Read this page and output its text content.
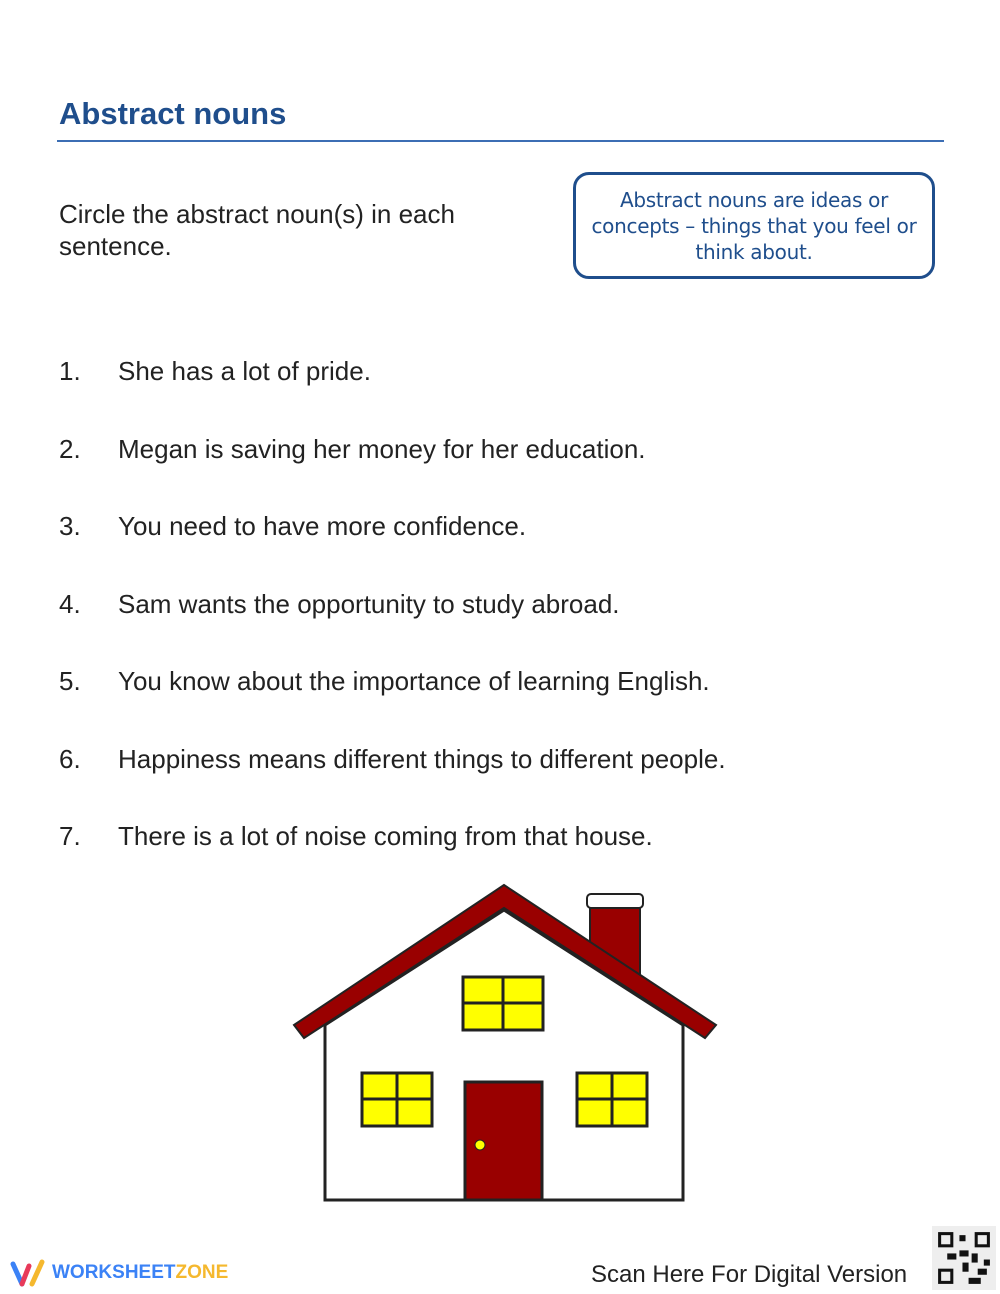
Abstract nouns
Circle the abstract noun(s) in each sentence.
Abstract nouns are ideas or concepts – things that you feel or think about.
1. She has a lot of pride.
2. Megan is saving her money for her education.
3. You need to have more confidence.
4. Sam wants the opportunity to study abroad.
5. You know about the importance of learning English.
6. Happiness means different things to different people.
7. There is a lot of noise coming from that house.
WORKSHEETZONE	Scan Here For Digital Version
